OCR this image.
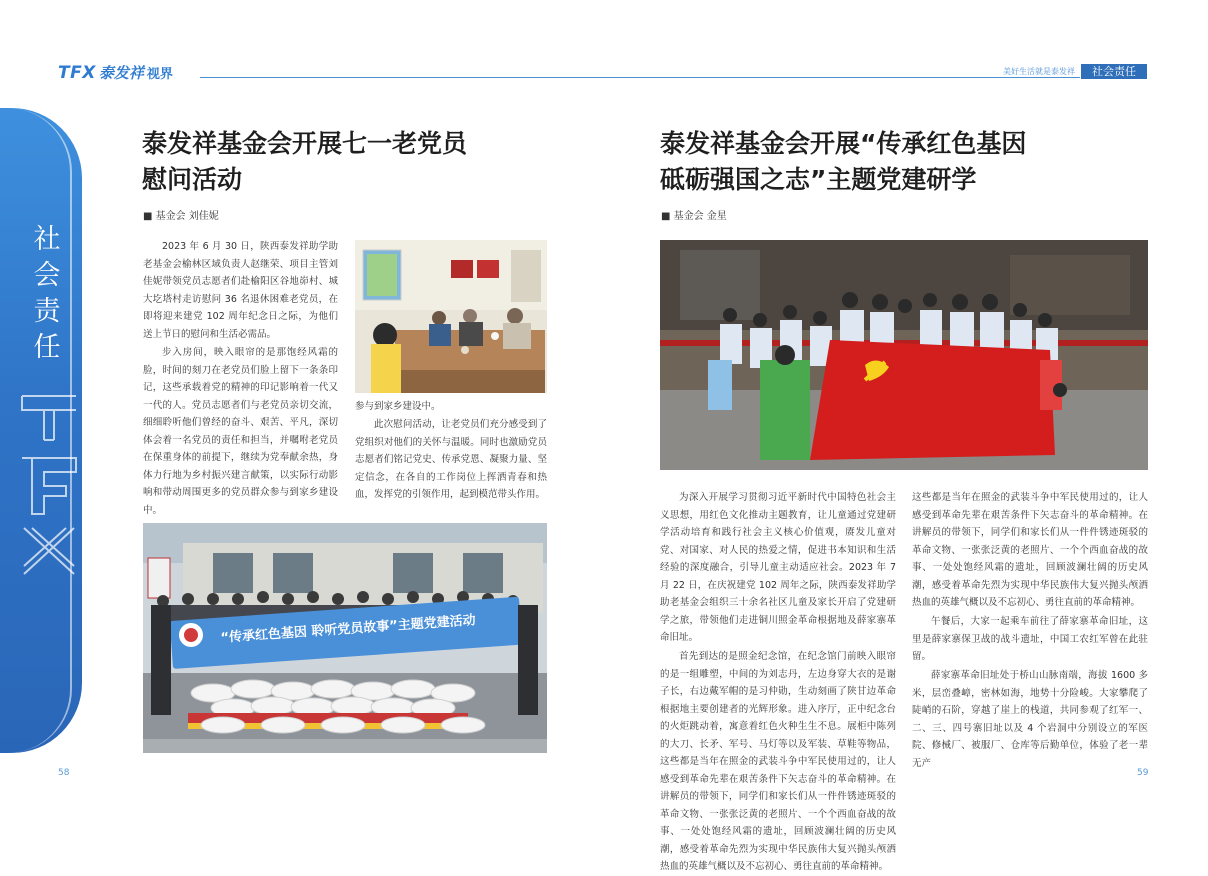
TFX 泰发祥 视界	美好生活就是泰发祥	社会责任
社会责任
泰发祥基金会开展七一老党员
慰问活动
■ 基金会 刘佳妮
2023 年 6 月 30 日，陕西泰发祥助学助老基金会榆林区域负责人赵继荣、项目主管刘佳妮带领党员志愿者们赴榆阳区谷地峁村、城大圪塔村走访慰问 36 名退休困难老党员，在即将迎来建党 102 周年纪念日之际，为他们送上节日的慰问和生活必需品。
步入房间，映入眼帘的是那饱经风霜的脸，时间的刻刀在老党员们脸上留下一条条印记，这些承载着党的精神的印记影响着一代又一代的人。党员志愿者们与老党员亲切交流，细细聆听他们曾经的奋斗、艰苦、平凡，深切体会着一名党员的责任和担当，并嘱咐老党员在保重身体的前提下，继续为党奉献余热，身体力行地为乡村振兴建言献策，以实际行动影响和带动周围更多的党员群众参与到家乡建设中。
参与到家乡建设中。
此次慰问活动，让老党员们充分感受到了党组织对他们的关怀与温暖。同时也激励党员志愿者们铭记党史、传承党恩、凝聚力量、坚定信念，在各自的工作岗位上挥洒青春和热血，发挥党的引领作用，起到模范带头作用。
“传承红色基因 聆听党员故事”主题党建活动
58
泰发祥基金会开展“传承红色基因
砥砺强国之志”主题党建研学
■ 基金会 金星
为深入开展学习贯彻习近平新时代中国特色社会主义思想，用红色文化推动主题教育，让儿童通过党建研学活动培育和践行社会主义核心价值观，赓发儿童对党、对国家、对人民的热爱之情，促进书本知识和生活经验的深度融合，引导儿童主动适应社会。2023 年 7 月 22 日，在庆祝建党 102 周年之际，陕西泰发祥助学助老基金会组织三十余名社区儿童及家长开启了党建研学之旅，带领他们走进铜川照金革命根据地及薛家寨革命旧址。
首先到达的是照金纪念馆，在纪念馆门前映入眼帘的是一组雕塑，中间的为刘志丹，左边身穿大衣的是谢子长，右边戴军帽的是习仲勋，生动刻画了陕甘边革命根据地主要创建者的光辉形象。进入序厅，正中纪念台的火炬跳动着，寓意着红色火种生生不息。展柜中陈列的大刀、长矛、军号、马灯等以及军装、草鞋等物品，这些都是当年在照金的武装斗争中军民使用过的，让人感受到革命先辈在艰苦条件下矢志奋斗的革命精神。在讲解员的带领下，同学们和家长们从一件件锈迹斑驳的革命文物、一张张泛黄的老照片、一个个西血奋战的故事、一处处饱经风霜的遗址，回顾波澜壮阔的历史风潮，感受着革命先烈为实现中华民族伟大复兴抛头颅洒热血的英雄气概以及不忘初心、勇往直前的革命精神。
这些都是当年在照金的武装斗争中军民使用过的，让人感受到革命先辈在艰苦条件下矢志奋斗的革命精神。在讲解员的带领下，同学们和家长们从一件件锈迹斑驳的革命文物、一张张泛黄的老照片、一个个西血奋战的故事、一处处饱经风霜的遗址，回顾波澜壮阔的历史风潮，感受着革命先烈为实现中华民族伟大复兴抛头颅洒热血的英雄气概以及不忘初心、勇往直前的革命精神。
午餐后，大家一起乘车前往了薛家寨革命旧址，这里是薛家寨保卫战的战斗遗址，中国工农红军曾在此驻留。
薛家寨革命旧址处于桥山山脉南端，海拔 1600 多米，层峦叠嶂，密林如海，地势十分险峻。大家攀爬了陡峭的石阶，穿越了崖上的栈道，共同参观了红军一、二、三、四号寨旧址以及 4 个岩洞中分别设立的军医院、修械厂、被服厂、仓库等后勤单位，体验了老一辈无产
59
